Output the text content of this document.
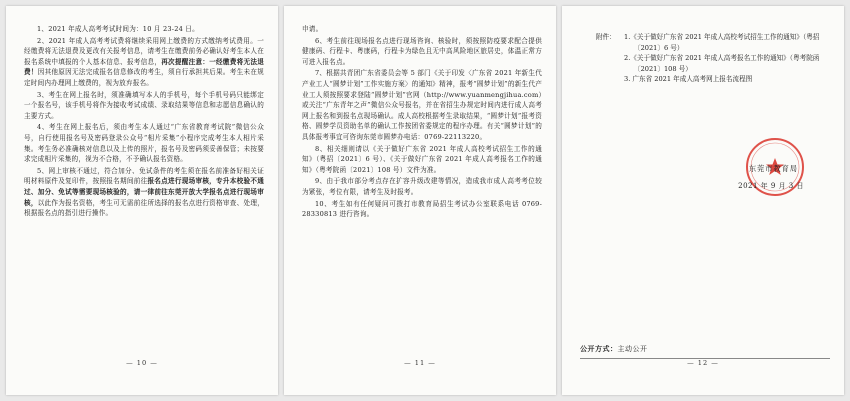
1、2021 年成人高考考试时间为：10 月 23-24 日。

2、2021 年成人高考考试费将继续采用网上缴费的方式缴纳考试费用。一经缴费将无法退费及更改有关报考信息，请考生在缴费前务必确认好考生本人在报名系统中填报的个人基本信息、报考信息，再次提醒注意：一经缴费将无法退费！因其他原因无法完成报名信息修改的考生，须自行承担其后果。考生未在规定时间内办理网上缴费的，视为放弃报名。

3、考生在网上报名时，须准确填写本人的手机号，每个手机号码只能绑定一个报名号，该手机号将作为接收考试成绩、录取结果等信息和志愿信息确认的主要方式。

4、考生在网上报名后，须由考生本人通过“广东省教育考试院”微信公众号，自行使用报名号及密码登录公众号“相片采集”小程序完成考生本人相片采集。考生务必准确核对信息以及上传的照片，报名号及密码须妥善保管；未按要求完成相片采集的，视为不合格，不予确认报名资格。

5、网上审核不通过，符合加分、免试条件的考生须在报名前准备好相关证明材料原件及复印件，按照报名期间前往报名点进行现场审核，专升本校验不通过、加分、免试等需要现场核验的，请一律前往东莞开放大学报名点进行现场审核，以此作为报名资格，考生可无需前往所选择的报名点进行资格审查、处理，根据报名点的指引进行操作。

— 10 —

申请。

6、考生前往现场报名点进行现场咨询、核验时，须按照防疫要求配合提供健康码、行程卡、粤康码，行程卡为绿色且无中高风险地区旅居史，体温正常方可进入报名点。

7、根据共青团广东省委员会等 5 部门《关于印发〈广东省 2021 年新生代产业工人“圆梦计划”工作实施方案〉的通知》精神，报考“圆梦计划”的新生代产业工人须按照要求登陆“圆梦计划”官网（http://www.yuanmengjihua.com）或关注“广东青年之声”微信公众号报名，并在省招生办规定时间内进行成人高考网上报名和到报名点现场确认。成人高校根据考生录取结果，“圆梦计划”报考资格、圆梦学员资助名单的确认工作按团省委规定的程序办理。有关“圆梦计划”的具体报考事宜可咨询东莞市圆梦办电话：0769-22113220。

8、相关细则请以《关于做好广东省 2021 年成人高校考试招生工作的通知》（粤招〔2021〕6 号）、《关于做好广东省 2021 年成人高考报名工作的通知》（粤考院函〔2021〕108 号）文件为准。

9、由于我市部分考点存在扩容升级改建等情况，造成我市成人高考考位较为紧张，考位有限，请考生及时报考。

10、考生如有任何疑问可拨打市教育局招生考试办公室联系电话 0769-28330813 进行咨询。

— 11 —
附件： 1.《关于做好广东省 2021 年成人高校考试招生工作的通知》（粤招〔2021〕6 号）

2.《关于做好广东省 2021 年成人高考报名工作的通知》（粤考院函〔2021〕108 号）

3. 广东省 2021 年成人高考网上报名流程图

东莞市教育局
2021 年 9 月 3 日
公开方式：主动公开
— 12 —
